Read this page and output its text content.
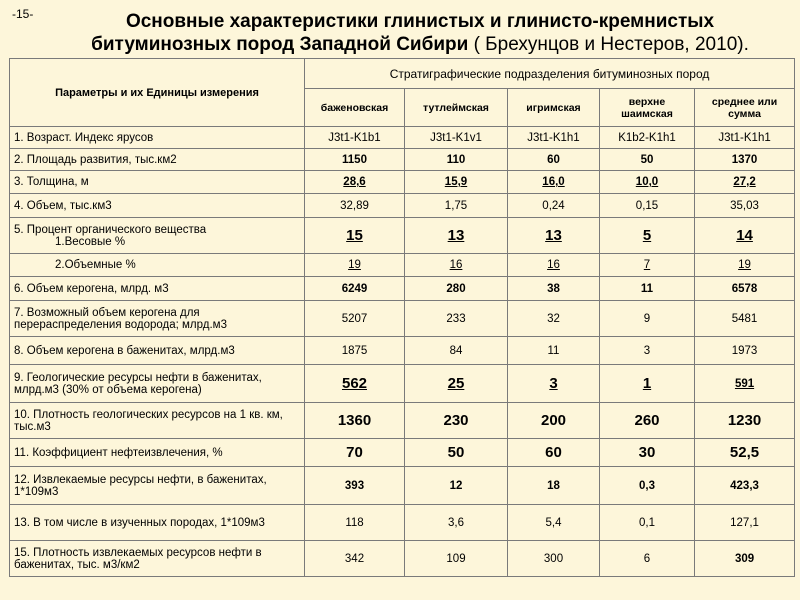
-15-	Основные характеристики глинистых и глинисто-кремнистых
битуминозных пород Западной Сибири ( Брехунцов и Нестеров, 2010).
Параметры и их Единицы измерения	Стратиграфические подразделения битуминозных пород				
	баженовская	тутлеймская	игримская	верхне шаимская	среднее или сумма
1. Возраст. Индекс ярусов	J3t1-K1b1	J3t1-K1v1	J3t1-K1h1	K1b2-K1h1	J3t1-K1h1
2. Площадь развития, тыс.км2	1150	110	60	50	1370
3. Толщина, м	28,6	15,9	16,0	10,0	27,2
4. Объем, тыс.км3	32,89	1,75	0,24	0,15	35,03
5. Процент органического вещества
1.Весовые %	15	13	13	5	14
2.Объемные %	19	16	16	7	19
6. Объем керогена, млрд. м3	6249	280	38	11	6578
7. Возможный объем керогена для перераспределения водорода; млрд.м3	5207	233	32	9	5481
8. Объем керогена в баженитах, млрд.м3	1875	84	11	3	1973
9. Геологические ресурсы нефти в баженитах, млрд.м3 (30% от объема керогена)	562	25	3	1	591
10. Плотность геологических ресурсов на 1 кв. км, тыс.м3	1360	230	200	260	1230
11. Коэффициент нефтеизвлечения, %	70	50	60	30	52,5
12. Извлекаемые ресурсы нефти, в баженитах, 1*109м3	393	12	18	0,3	423,3
13. В том числе в изученных породах, 1*109м3	118	3,6	5,4	0,1	127,1
15. Плотность извлекаемых ресурсов нефти в баженитах, тыс. м3/км2	342	109	300	6	309
